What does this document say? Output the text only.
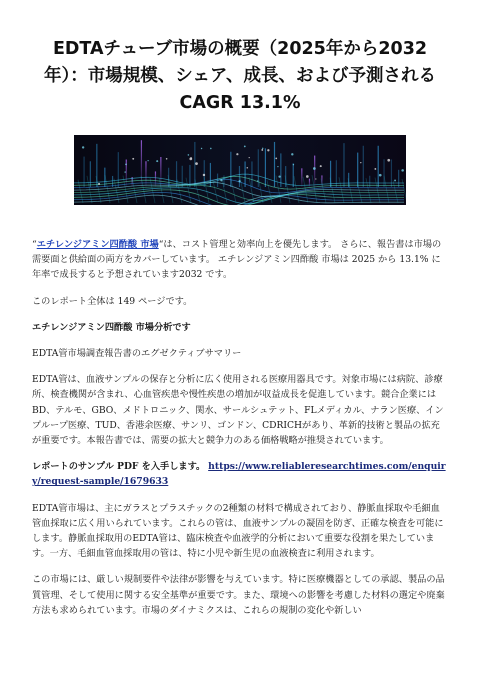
EDTAチューブ市場の概要（2025年から2032年）：市場規模、シェア、成長、および予測されるCAGR 13.1%

“エチレンジアミン四酢酸 市場“は、コスト管理と効率向上を優先します。 さらに、報告書は市場の需要面と供給面の両方をカバーしています。 エチレンジアミン四酢酸 市場は 2025 から 13.1% に年率で成長すると予想されています2032 です。

このレポート全体は 149 ページです。

エチレンジアミン四酢酸 市場分析です

EDTA管市場調査報告書のエグゼクティブサマリー

EDTA管は、血液サンプルの保存と分析に広く使用される医療用器具です。対象市場には病院、診療所、検査機関が含まれ、心血管疾患や慢性疾患の増加が収益成長を促進しています。競合企業にはBD、テルモ、GBO、メドトロニック、関水、サールシュテット、FLメディカル、ナラン医療、インプループ医療、TUD、香港余医療、サンリ、ゴンドン、CDRICHがあり、革新的技術と製品の拡充が重要です。本報告書では、需要の拡大と競争力のある価格戦略が推奨されています。

レポートのサンプル PDF を入手します。 https://www.reliableresearchtimes.com/enquiry/request-sample/1679633

EDTA管市場は、主にガラスとプラスチックの2種類の材料で構成されており、静脈血採取や毛細血管血採取に広く用いられています。これらの管は、血液サンプルの凝固を防ぎ、正確な検査を可能にします。静脈血採取用のEDTA管は、臨床検査や血液学的分析において重要な役割を果たしています。一方、毛細血管血採取用の管は、特に小児や新生児の血液検査に利用されます。

この市場には、厳しい規制要件や法律が影響を与えています。特に医療機器としての承認、製品の品質管理、そして使用に関する安全基準が重要です。また、環境への影響を考慮した材料の選定や廃棄方法も求められています。市場のダイナミクスは、これらの規制の変化や新しい
